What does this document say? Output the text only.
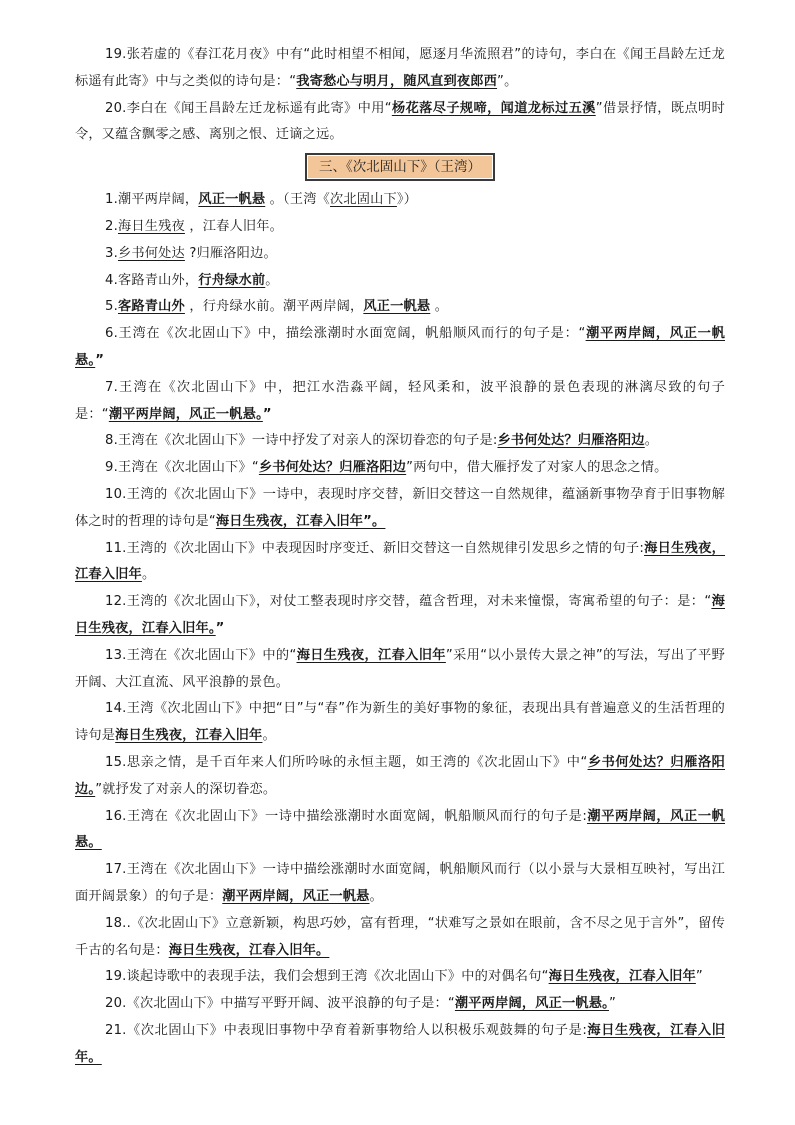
19.张若虚的《春江花月夜》中有“此时相望不相闻，愿逐月华流照君”的诗句，李白在《闻王昌龄左迁龙标遥有此寄》中与之类似的诗句是：“我寄愁心与明月，随风直到夜郎西”。

20.李白在《闻王昌龄左迁龙标遥有此寄》中用“杨花落尽子规啼，闻道龙标过五溪”借景抒情，既点明时令，又蕴含飘零之感、离别之恨、迁谪之远。

三、《次北固山下》（王湾）

1.潮平两岸阔，风正一帆悬 。（王湾《次北固山下》）

2.海日生残夜 ，江春人旧年。

3.乡书何处达 ?归雁洛阳边。

4.客路青山外，行舟绿水前。

5.客路青山外 ，行舟绿水前。潮平两岸阔，风正一帆悬 。

6.王湾在《次北固山下》中，描绘涨潮时水面宽阔，帆船顺风而行的句子是：“潮平两岸阔，风正一帆悬。”

7.王湾在《次北固山下》中，把江水浩淼平阔，轻风柔和，波平浪静的景色表现的淋漓尽致的句子是：“潮平两岸阔，风正一帆悬。”

8.王湾在《次北固山下》一诗中抒发了对亲人的深切眷恋的句子是:乡书何处达？归雁洛阳边。

9.王湾在《次北固山下》“乡书何处达？归雁洛阳边”两句中，借大雁抒发了对家人的思念之情。

10.王湾的《次北固山下》一诗中，表现时序交替，新旧交替这一自然规律，蕴涵新事物孕育于旧事物解体之时的哲理的诗句是“海日生残夜，江春入旧年”。

11.王湾的《次北固山下》中表现因时序变迁、新旧交替这一自然规律引发思乡之情的句子:海日生残夜，江春入旧年。

12.王湾的《次北固山下》，对仗工整表现时序交替，蕴含哲理，对未来憧憬，寄寓希望的句子：是：“海日生残夜，江春入旧年。”

13.王湾在《次北固山下》中的“海日生残夜，江春入旧年”采用“以小景传大景之神”的写法，写出了平野开阔、大江直流、风平浪静的景色。

14.王湾《次北固山下》中把“日”与“春”作为新生的美好事物的象征，表现出具有普遍意义的生活哲理的诗句是海日生残夜，江春入旧年。

15.思亲之情，是千百年来人们所吟咏的永恒主题，如王湾的《次北固山下》中“乡书何处达？归雁洛阳边。”就抒发了对亲人的深切眷恋。

16.王湾在《次北固山下》一诗中描绘涨潮时水面宽阔，帆船顺风而行的句子是:潮平两岸阔，风正一帆悬。

17.王湾在《次北固山下》一诗中描绘涨潮时水面宽阔，帆船顺风而行（以小景与大景相互映衬，写出江面开阔景象）的句子是：潮平两岸阔，风正一帆悬。

18..《次北固山下》立意新颖，构思巧妙，富有哲理，“状难写之景如在眼前，含不尽之见于言外”，留传千古的名句是：海日生残夜，江春入旧年。

19.谈起诗歌中的表现手法，我们会想到王湾《次北固山下》中的对偶名句“海日生残夜，江春入旧年”

20.《次北固山下》中描写平野开阔、波平浪静的句子是：“潮平两岸阔，风正一帆悬。”

21.《次北固山下》中表现旧事物中孕育着新事物给人以积极乐观鼓舞的句子是:海日生残夜，江春入旧年。
